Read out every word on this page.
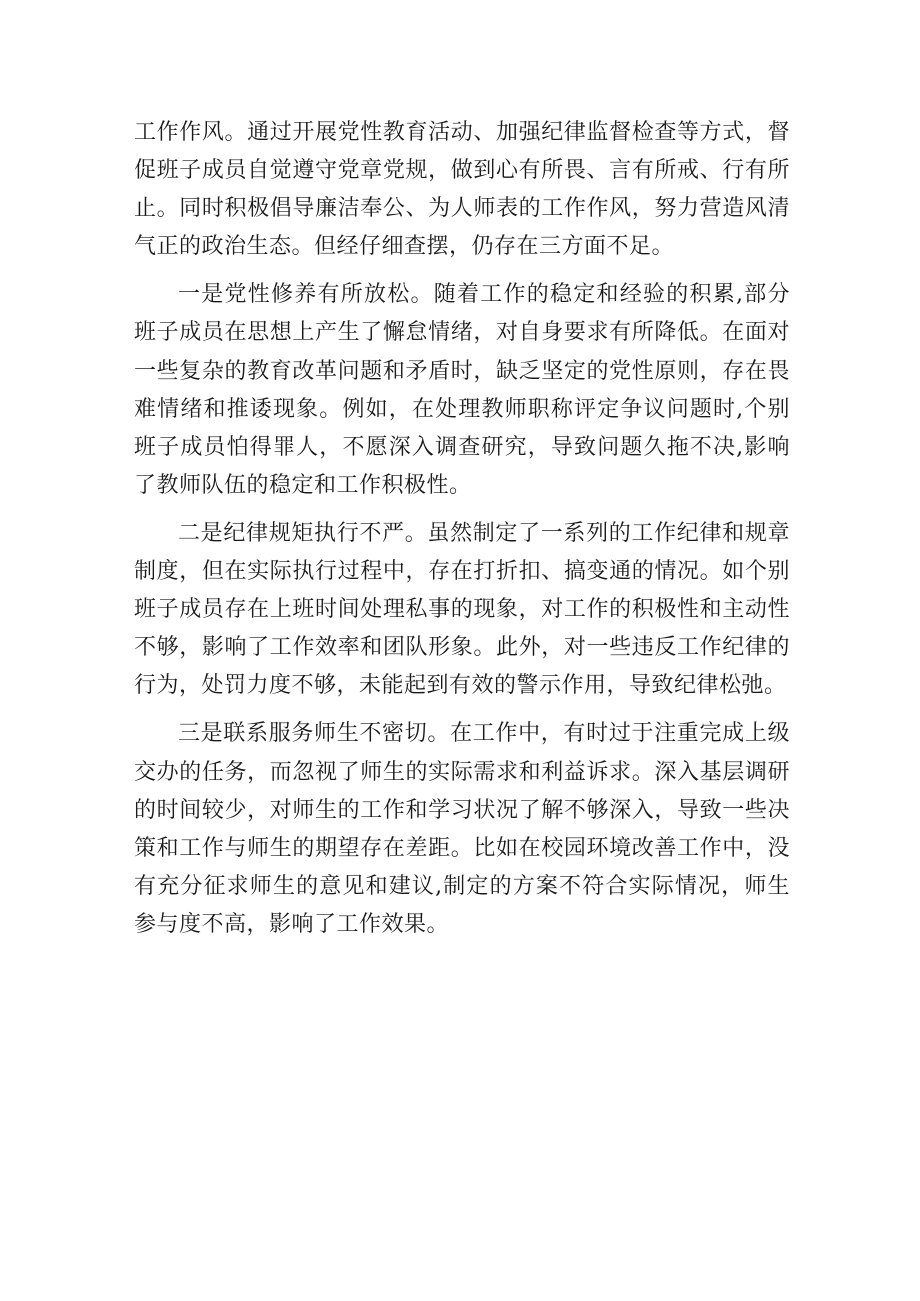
工作作风。通过开展党性教育活动、加强纪律监督检查等方式，督促班子成员自觉遵守党章党规，做到心有所畏、言有所戒、行有所止。同时积极倡导廉洁奉公、为人师表的工作作风，努力营造风清气正的政治生态。但经仔细查摆，仍存在三方面不足。

一是党性修养有所放松。随着工作的稳定和经验的积累,部分班子成员在思想上产生了懈怠情绪，对自身要求有所降低。在面对一些复杂的教育改革问题和矛盾时，缺乏坚定的党性原则，存在畏难情绪和推诿现象。例如，在处理教师职称评定争议问题时,个别班子成员怕得罪人，不愿深入调查研究，导致问题久拖不决,影响了教师队伍的稳定和工作积极性。

二是纪律规矩执行不严。虽然制定了一系列的工作纪律和规章制度，但在实际执行过程中，存在打折扣、搞变通的情况。如个别班子成员存在上班时间处理私事的现象，对工作的积极性和主动性不够，影响了工作效率和团队形象。此外，对一些违反工作纪律的行为，处罚力度不够，未能起到有效的警示作用，导致纪律松弛。

三是联系服务师生不密切。在工作中，有时过于注重完成上级交办的任务，而忽视了师生的实际需求和利益诉求。深入基层调研的时间较少，对师生的工作和学习状况了解不够深入，导致一些决策和工作与师生的期望存在差距。比如在校园环境改善工作中，没有充分征求师生的意见和建议,制定的方案不符合实际情况，师生参与度不高，影响了工作效果。
